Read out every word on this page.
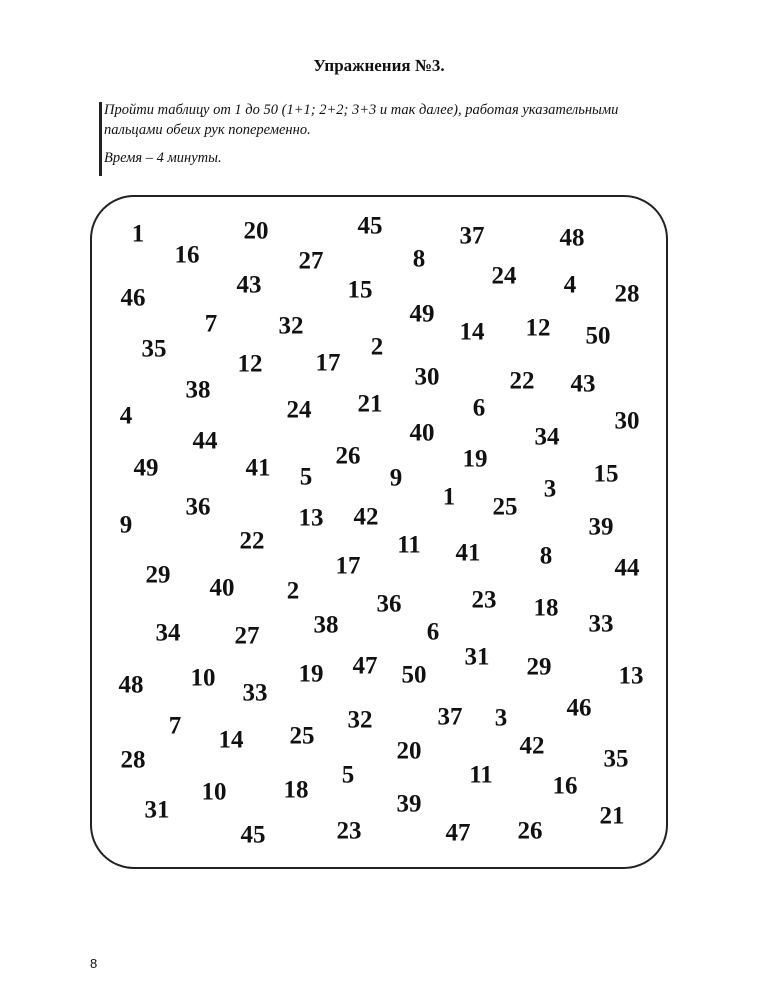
Упражнения №3.

Пройти таблицу от 1 до 50 (1+1; 2+2; 3+3 и так далее), работая указательными пальцами обеих рук попеременно.

Время – 4 минуты.

1
16
20
27
45
8
37	48
24 4 28
46	43	15
7 32	49
14 12 50
35
12 17
2
30	22 43
38
24 21	6
4	30
34
44	40
26
49	41 5	9
19
15
1	3
36	25
9	13 42	39
22	11 41 8
17
29	44
40 2	23
36	18
34	38	6
27	33
31
48 10	47 50	29	13
19
33
46
37 3
7	32
14 25	42
20	35
28
5	11 16
10 18
31	39	21
45	23	47 26
8
